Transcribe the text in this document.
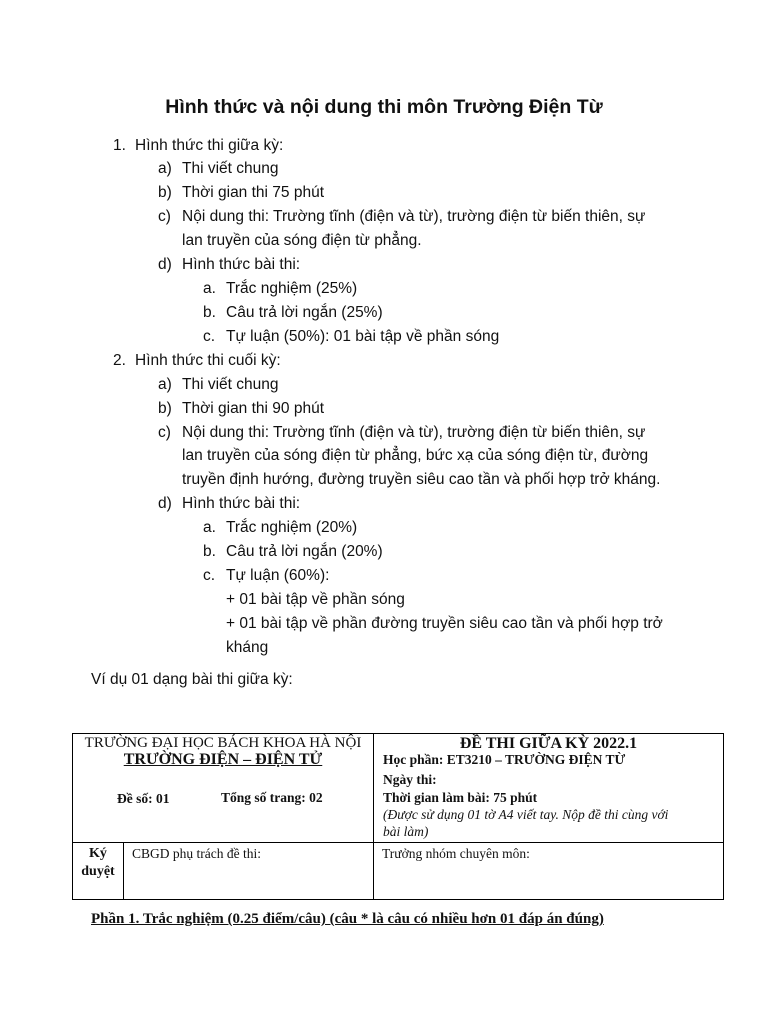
Hình thức và nội dung thi môn Trường Điện Từ
1. Hình thức thi giữa kỳ:
a) Thi viết chung
b) Thời gian thi 75 phút
c) Nội dung thi: Trường tĩnh (điện và từ), trường điện từ biến thiên, sự
lan truyền của sóng điện từ phẳng.
d) Hình thức bài thi:
a. Trắc nghiệm (25%)
b. Câu trả lời ngắn (25%)
c. Tự luận (50%): 01 bài tập về phần sóng
2. Hình thức thi cuối kỳ:
a) Thi viết chung
b) Thời gian thi 90 phút
c) Nội dung thi: Trường tĩnh (điện và từ), trường điện từ biến thiên, sự
lan truyền của sóng điện từ phẳng, bức xạ của sóng điện từ, đường
truyền định hướng, đường truyền siêu cao tần và phối hợp trở kháng.
d) Hình thức bài thi:
a. Trắc nghiệm (20%)
b. Câu trả lời ngắn (20%)
c. Tự luận (60%):
+ 01 bài tập về phần sóng
+ 01 bài tập về phần đường truyền siêu cao tần và phối hợp trở
kháng
Ví dụ 01 dạng bài thi giữa kỳ:
TRƯỜNG ĐẠI HỌC BÁCH KHOA HÀ NỘI
TRƯỜNG ĐIỆN – ĐIỆN TỬ
Đề số: 01	Tổng số trang: 02
ĐỀ THI GIỮA KỲ 2022.1
Học phần: ET3210 – TRƯỜNG ĐIỆN TỪ
Ngày thi:
Thời gian làm bài: 75 phút
(Được sử dụng 01 tờ A4 viết tay. Nộp đề thi cùng với
bài làm)
Ký
duyệt
CBGD phụ trách đề thi:	Trưởng nhóm chuyên môn:
Phần 1. Trắc nghiệm (0.25 điểm/câu) (câu * là câu có nhiều hơn 01 đáp án đúng)
